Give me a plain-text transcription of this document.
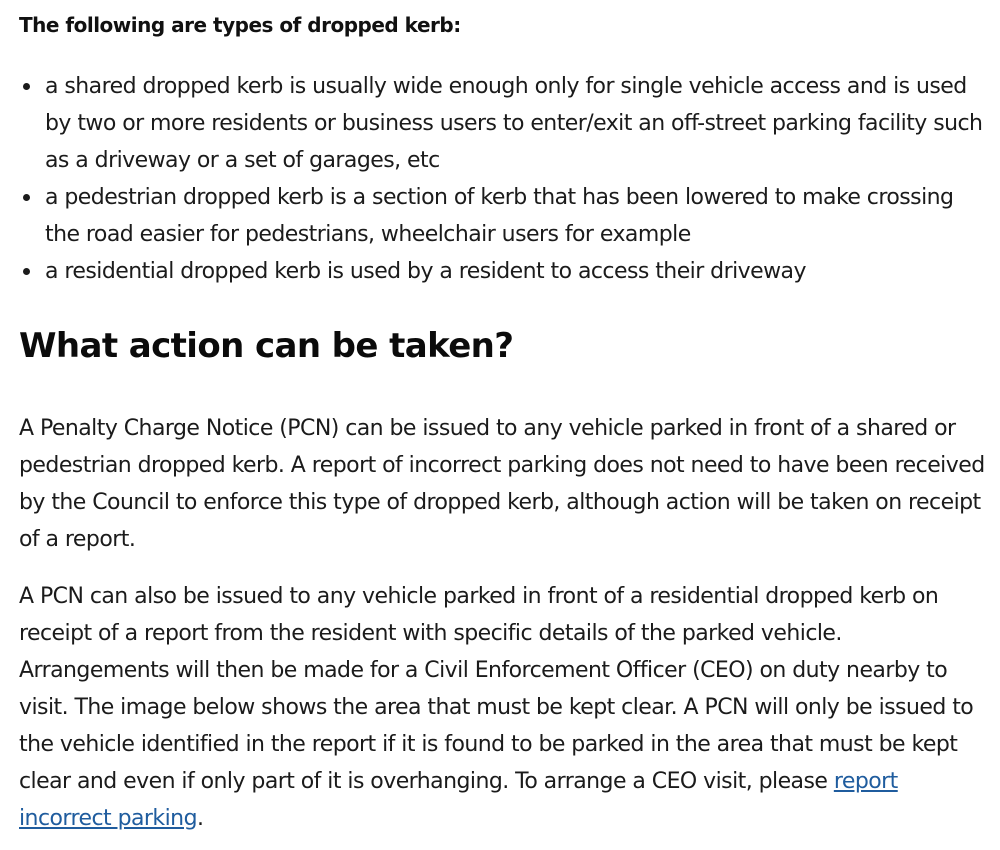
The following are types of dropped kerb:

a shared dropped kerb is usually wide enough only for single vehicle access and is used by two or more residents or business users to enter/exit an off-street parking facility such as a driveway or a set of garages, etc
a pedestrian dropped kerb is a section of kerb that has been lowered to make crossing the road easier for pedestrians, wheelchair users for example
a residential dropped kerb is used by a resident to access their driveway
What action can be taken?

A Penalty Charge Notice (PCN) can be issued to any vehicle parked in front of a shared or pedestrian dropped kerb. A report of incorrect parking does not need to have been received by the Council to enforce this type of dropped kerb, although action will be taken on receipt of a report.

A PCN can also be issued to any vehicle parked in front of a residential dropped kerb on receipt of a report from the resident with specific details of the parked vehicle. Arrangements will then be made for a Civil Enforcement Officer (CEO) on duty nearby to visit. The image below shows the area that must be kept clear. A PCN will only be issued to the vehicle identified in the report if it is found to be parked in the area that must be kept clear and even if only part of it is overhanging. To arrange a CEO visit, please report incorrect parking.
